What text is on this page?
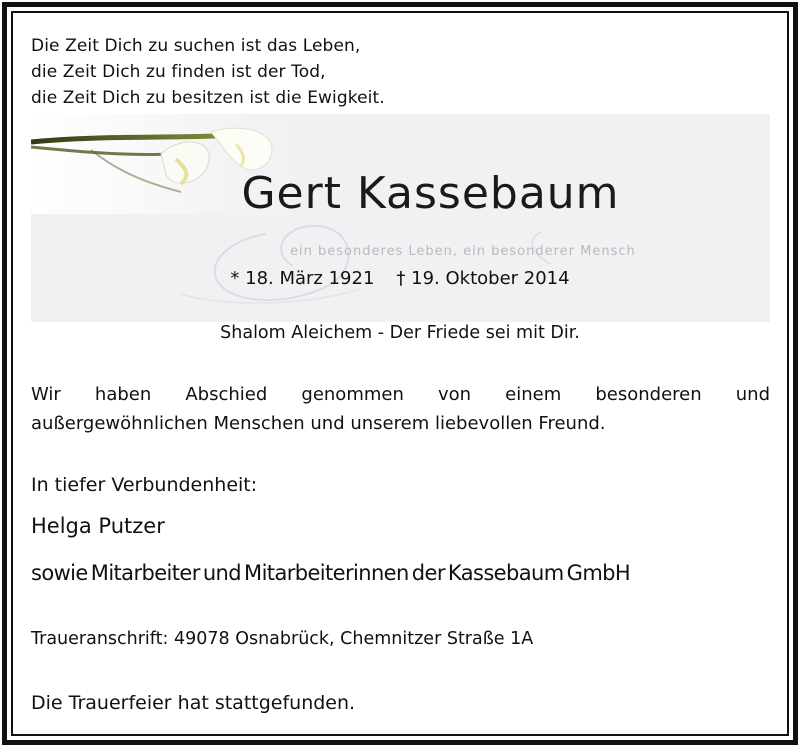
Die Zeit Dich zu suchen ist das Leben,
die Zeit Dich zu finden ist der Tod,
die Zeit Dich zu besitzen ist die Ewigkeit.
Gert Kassebaum
ein besonderes Leben, ein besonderer Mensch
* 18. März 1921 † 19. Oktober 2014
Shalom Aleichem - Der Friede sei mit Dir.
Wir haben Abschied genommen von einem besonderen und
außergewöhnlichen Menschen und unserem liebevollen Freund.
In tiefer Verbundenheit:
Helga Putzer
sowie Mitarbeiter und Mitarbeiterinnen der Kassebaum GmbH
Traueranschrift: 49078 Osnabrück, Chemnitzer Straße 1A
Die Trauerfeier hat stattgefunden.
